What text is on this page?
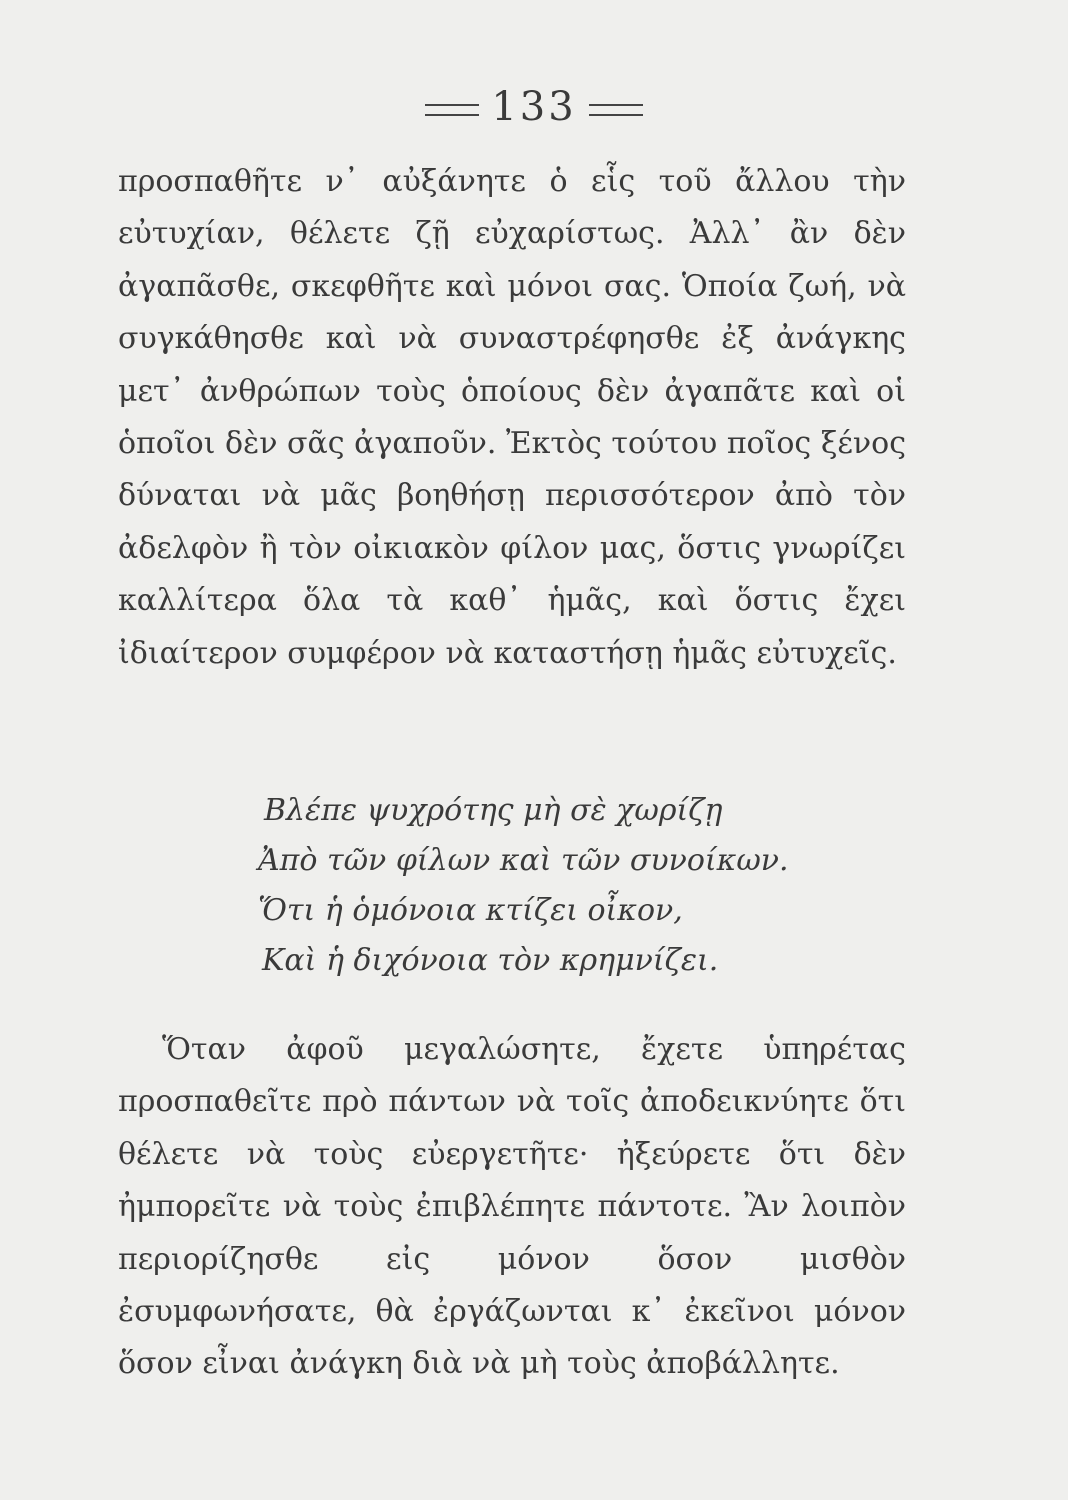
133

προσπαθῆτε ν᾽ αὐξάνητε ὁ εἷς τοῦ ἄλλου τὴν εὐτυχίαν, θέλετε ζῇ εὐχαρίστως. Ἀλλ᾽ ἂν δὲν ἀγαπᾶσθε, σκεφθῆτε καὶ μόνοι σας. Ὁποία ζωή, νὰ συγκάθησθε καὶ νὰ συναστρέφησθε ἐξ ἀνάγκης μετ᾽ ἀνθρώπων τοὺς ὁποίους δὲν ἀγαπᾶτε καὶ οἱ ὁποῖοι δὲν σᾶς ἀγαποῦν. Ἐκτὸς τούτου ποῖος ξένος δύναται νὰ μᾶς βοηθήσῃ περισσότερον ἀπὸ τὸν ἀδελφὸν ἢ τὸν οἰκιακὸν φίλον μας, ὅστις γνωρίζει καλλίτερα ὅλα τὰ καθ᾽ ἡμᾶς, καὶ ὅστις ἔχει ἰδιαίτερον συμφέρον νὰ καταστήσῃ ἡμᾶς εὐτυχεῖς.

Βλέπε ψυχρότης μὴ σὲ χωρίζῃ
Ἀπὸ τῶν φίλων καὶ τῶν συνοίκων.
Ὅτι ἡ ὁμόνοια κτίζει οἶκον,
Καὶ ἡ διχόνοια τὸν κρημνίζει.

Ὅταν ἀφοῦ μεγαλώσητε, ἔχετε ὑπηρέτας προσπαθεῖτε πρὸ πάντων νὰ τοῖς ἀποδεικνύητε ὅτι θέλετε νὰ τοὺς εὐεργετῆτε· ἠξεύρετε ὅτι δὲν ἠμπορεῖτε νὰ τοὺς ἐπιβλέπητε πάντοτε. Ἂν λοιπὸν περιορίζησθε εἰς μόνον ὅσον μισθὸν ἐσυμφωνήσατε, θὰ ἐργάζωνται κ᾽ ἐκεῖνοι μόνον ὅσον εἶναι ἀνάγκη διὰ νὰ μὴ τοὺς ἀποβάλλητε.
